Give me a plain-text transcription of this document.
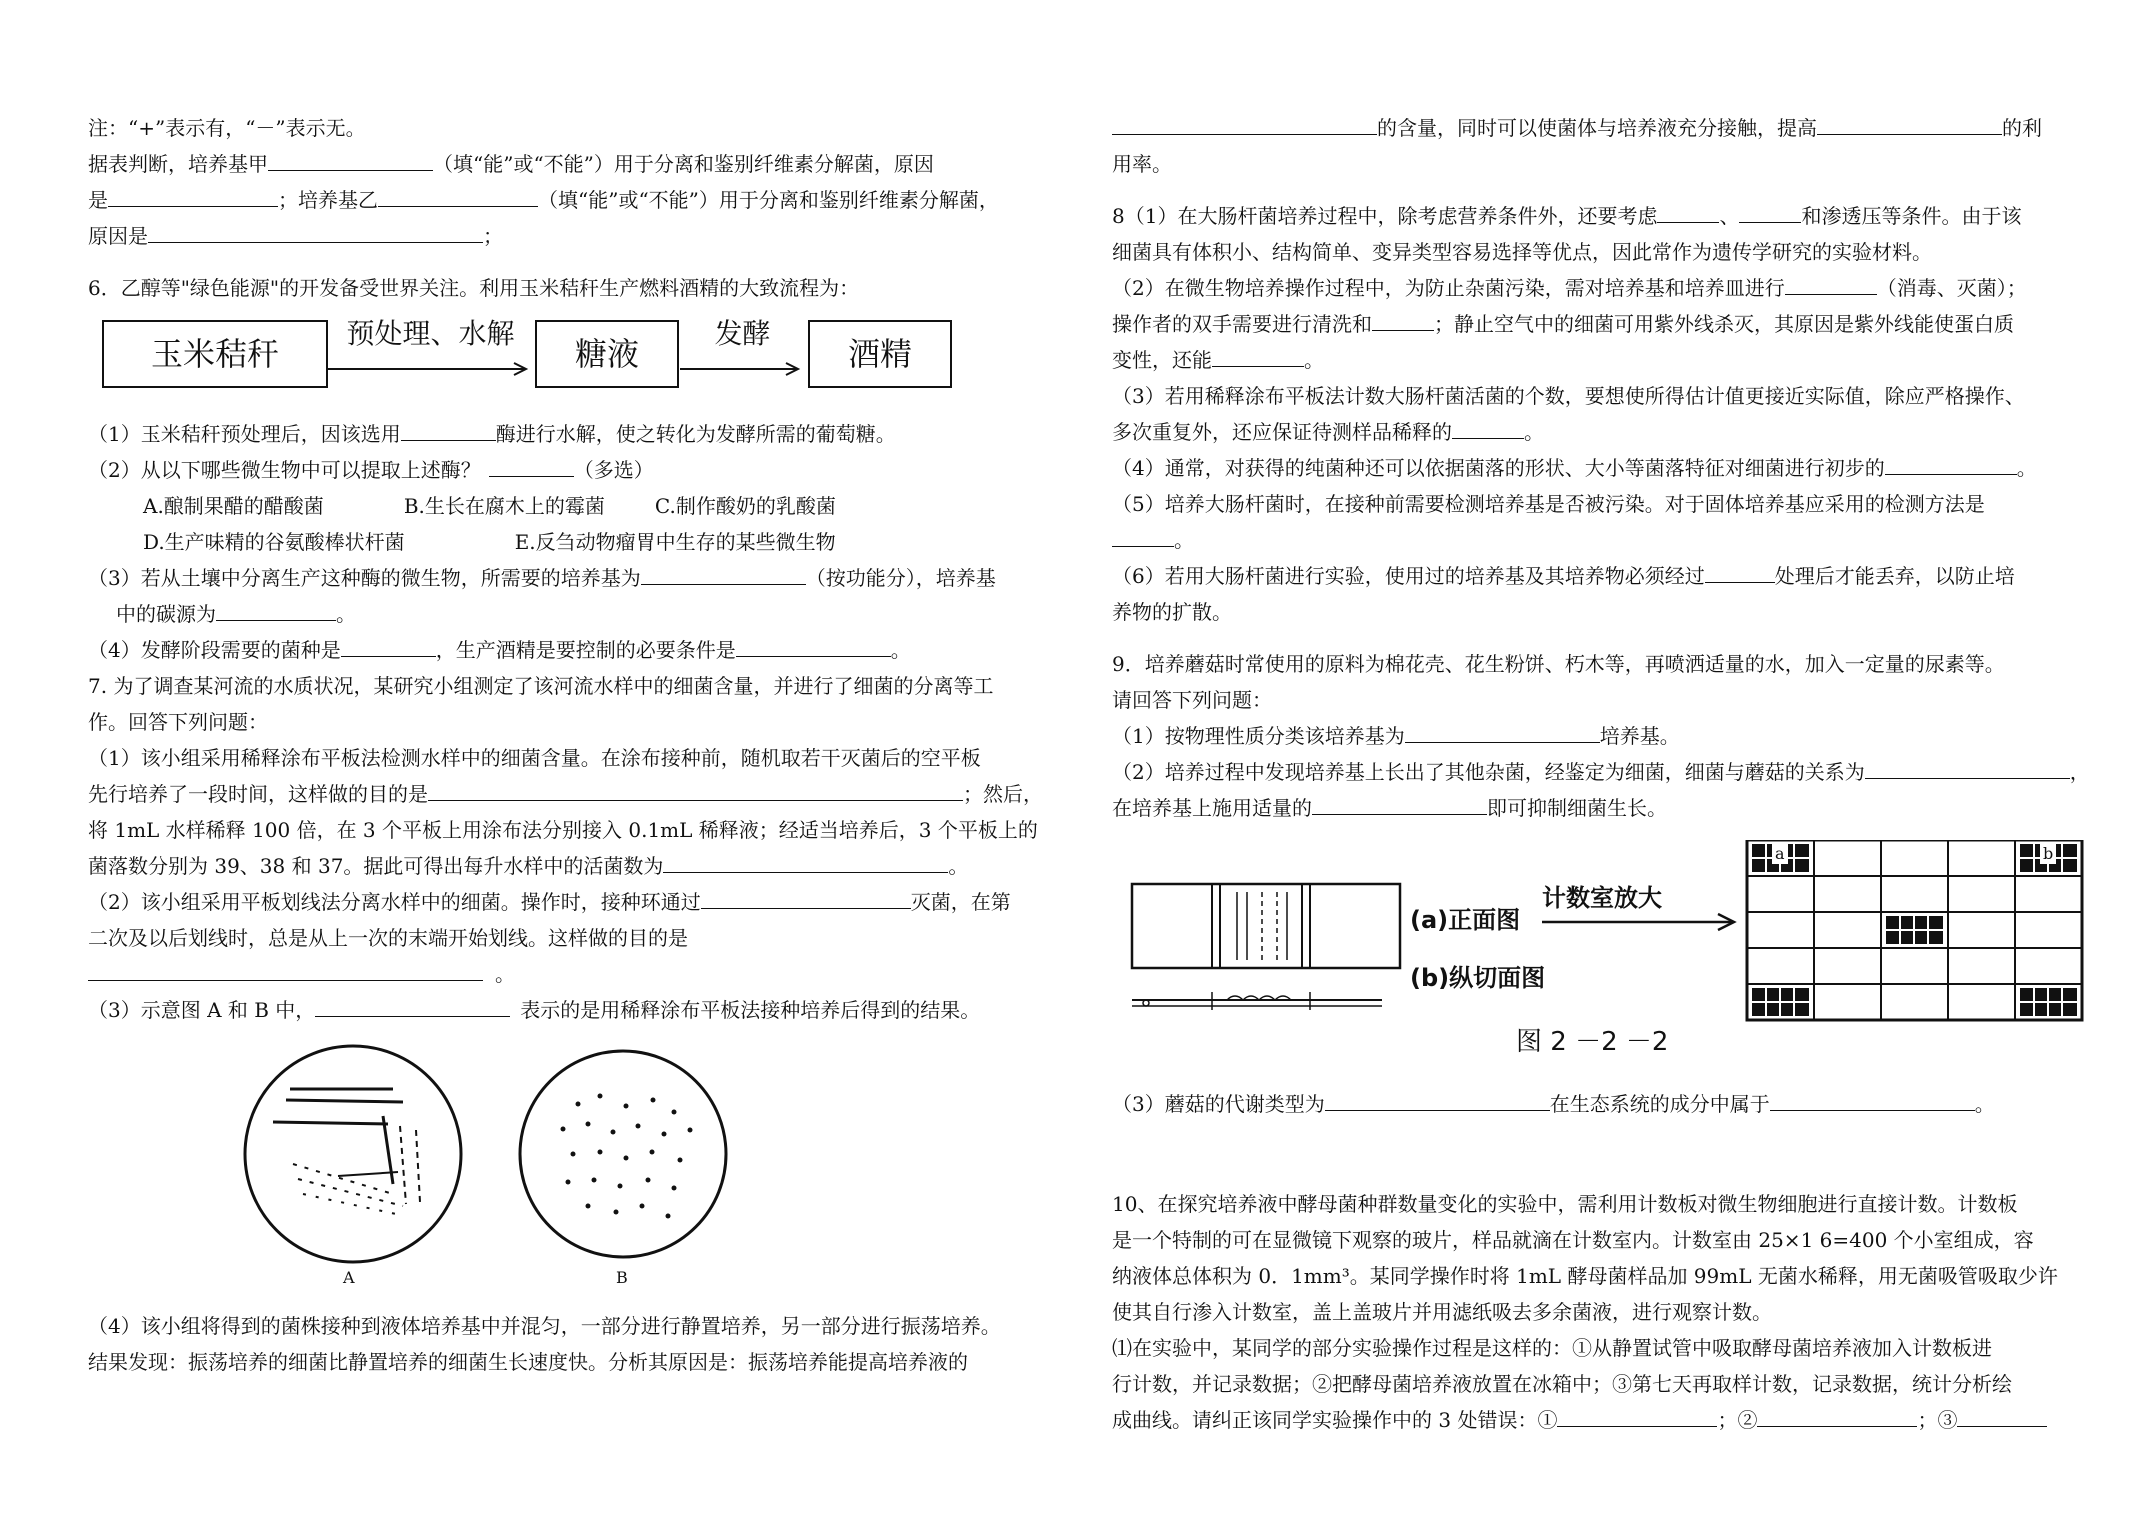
注：“+”表示有，“－”表示无。

据表判断，培养基甲	（填“能”或“不能”）用于分离和鉴别纤维素分解菌，原因

是	；培养基乙	（填“能”或“不能”）用于分离和鉴别纤维素分解菌，

原因是	；

6．乙醇等"绿色能源"的开发备受世界关注。利用玉米秸秆生产燃料酒精的大致流程为：

玉米秸秆
预处理、水解
糖液
发酵
酒精

（1）玉米秸秆预处理后，因该选用	酶进行水解，使之转化为发酵所需的葡萄糖。

（2）从以下哪些微生物中可以提取上述酶？	（多选）

A.酿制果醋的醋酸菌	B.生长在腐木上的霉菌	C.制作酸奶的乳酸菌

D.生产味精的谷氨酸棒状杆菌	E.反刍动物瘤胃中生存的某些微生物

（3）若从土壤中分离生产这种酶的微生物，所需要的培养基为	（按功能分），培养基

中的碳源为	。

（4）发酵阶段需要的菌种是	，生产酒精是要控制的必要条件是	。

7. 为了调查某河流的水质状况，某研究小组测定了该河流水样中的细菌含量，并进行了细菌的分离等工

作。回答下列问题：

（1）该小组采用稀释涂布平板法检测水样中的细菌含量。在涂布接种前，随机取若干灭菌后的空平板

先行培养了一段时间，这样做的目的是	；然后，

将 1mL 水样稀释 100 倍，在 3 个平板上用涂布法分别接入 0.1mL 稀释液；经适当培养后，3 个平板上的

菌落数分别为 39、38 和 37。据此可得出每升水样中的活菌数为	。

（2）该小组采用平板划线法分离水样中的细菌。操作时，接种环通过	灭菌，在第

二次及以后划线时，总是从上一次的末端开始划线。这样做的目的是

。

（3）示意图 A 和 B 中，	表示的是用稀释涂布平板法接种培养后得到的结果。

A	B

（4）该小组将得到的菌株接种到液体培养基中并混匀，一部分进行静置培养，另一部分进行振荡培养。

结果发现：振荡培养的细菌比静置培养的细菌生长速度快。分析其原因是：振荡培养能提高培养液的

的含量，同时可以使菌体与培养液充分接触，提高	的利

用率。

8（1）在大肠杆菌培养过程中，除考虑营养条件外，还要考虑	、	和渗透压等条件。由于该

细菌具有体积小、结构简单、变异类型容易选择等优点，因此常作为遗传学研究的实验材料。

（2）在微生物培养操作过程中，为防止杂菌污染，需对培养基和培养皿进行	（消毒、灭菌）；

操作者的双手需要进行清洗和	；静止空气中的细菌可用紫外线杀灭，其原因是紫外线能使蛋白质

变性，还能	。

（3）若用稀释涂布平板法计数大肠杆菌活菌的个数，要想使所得估计值更接近实际值，除应严格操作、

多次重复外，还应保证待测样品稀释的	。

（4）通常，对获得的纯菌种还可以依据菌落的形状、大小等菌落特征对细菌进行初步的	。

（5）培养大肠杆菌时，在接种前需要检测培养基是否被污染。对于固体培养基应采用的检测方法是

。

（6）若用大肠杆菌进行实验，使用过的培养基及其培养物必须经过	处理后才能丢弃，以防止培

养物的扩散。

9．培养蘑菇时常使用的原料为棉花壳、花生粉饼、朽木等，再喷洒适量的水，加入一定量的尿素等。

请回答下列问题：

（1）按物理性质分类该培养基为	培养基。

（2）培养过程中发现培养基上长出了其他杂菌，经鉴定为细菌，细菌与蘑菇的关系为	，

在培养基上施用适量的	即可抑制细菌生长。

(a)正面图
计数室放大
(b)纵切面图
图 2 －2 －2
a	b

（3）蘑菇的代谢类型为	在生态系统的成分中属于	。

10、在探究培养液中酵母菌种群数量变化的实验中，需利用计数板对微生物细胞进行直接计数。计数板

是一个特制的可在显微镜下观察的玻片，样品就滴在计数室内。计数室由 25×1 6=400 个小室组成，容

纳液体总体积为 0．1mm³。某同学操作时将 1mL 酵母菌样品加 99mL 无菌水稀释，用无菌吸管吸取少许

使其自行渗入计数室，盖上盖玻片并用滤纸吸去多余菌液，进行观察计数。

⑴在实验中，某同学的部分实验操作过程是这样的：①从静置试管中吸取酵母菌培养液加入计数板进

行计数，并记录数据；②把酵母菌培养液放置在冰箱中；③第七天再取样计数，记录数据，统计分析绘

成曲线。请纠正该同学实验操作中的 3 处错误：①	；②	；③
